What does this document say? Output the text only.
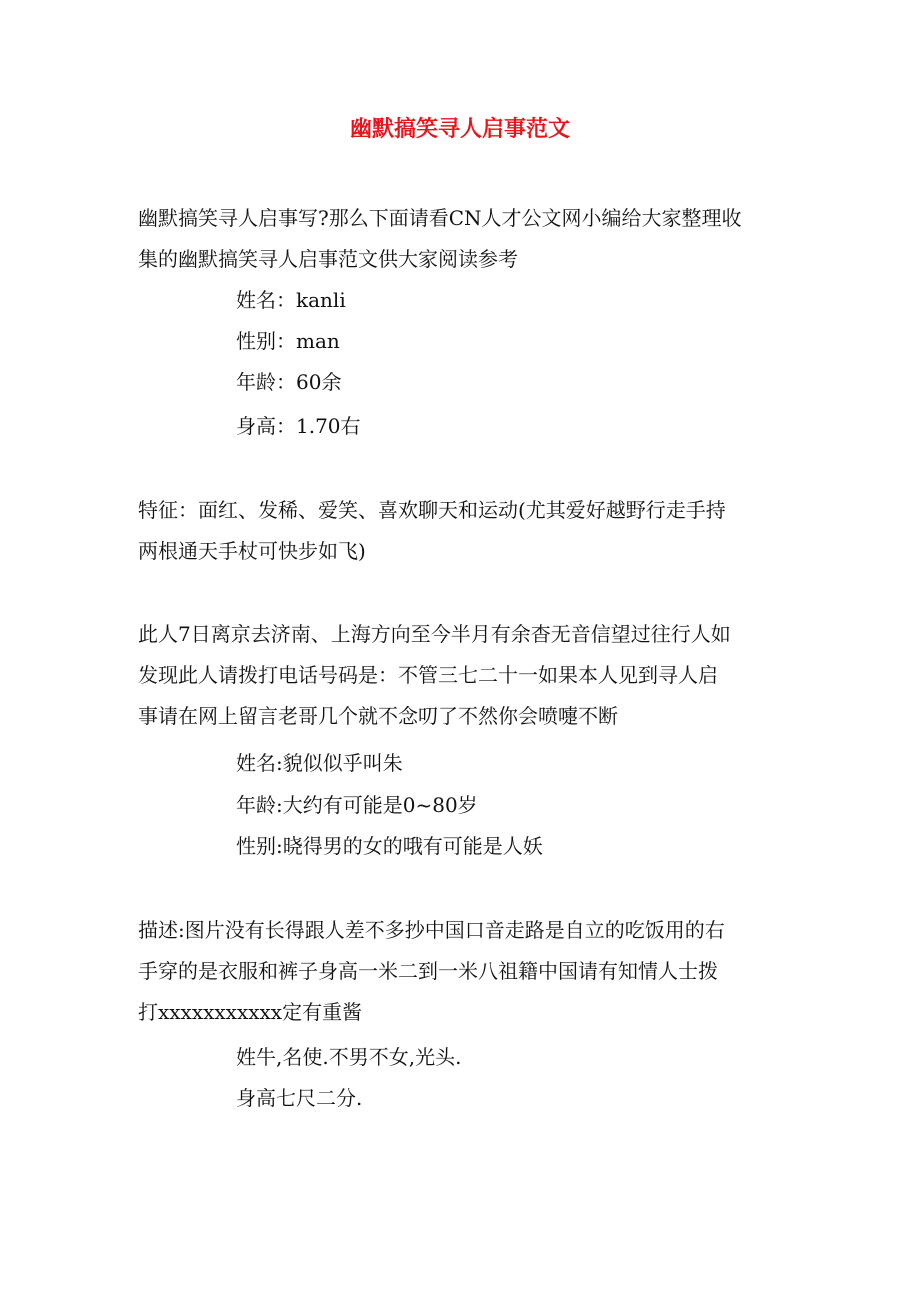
幽默搞笑寻人启事范文
幽默搞笑寻人启事写?那么下面请看CN人才公文网小编给大家整理收
集的幽默搞笑寻人启事范文供大家阅读参考
姓名：kanli
性别：man
年龄：60余
身高：1.70右
特征：面红、发稀、爱笑、喜欢聊天和运动(尤其爱好越野行走手持
两根通天手杖可快步如飞)
此人7日离京去济南、上海方向至今半月有余杳无音信望过往行人如
发现此人请拨打电话号码是：不管三七二十一如果本人见到寻人启
事请在网上留言老哥几个就不念叨了不然你会喷嚏不断
姓名:貌似似乎叫朱
年龄:大约有可能是0~80岁
性别:晓得男的女的哦有可能是人妖
描述:图片没有长得跟人差不多抄中国口音走路是自立的吃饭用的右
手穿的是衣服和裤子身高一米二到一米八祖籍中国请有知情人士拨
打xxxxxxxxxxx定有重酱
姓牛,名使.不男不女,光头.
身高七尺二分.
